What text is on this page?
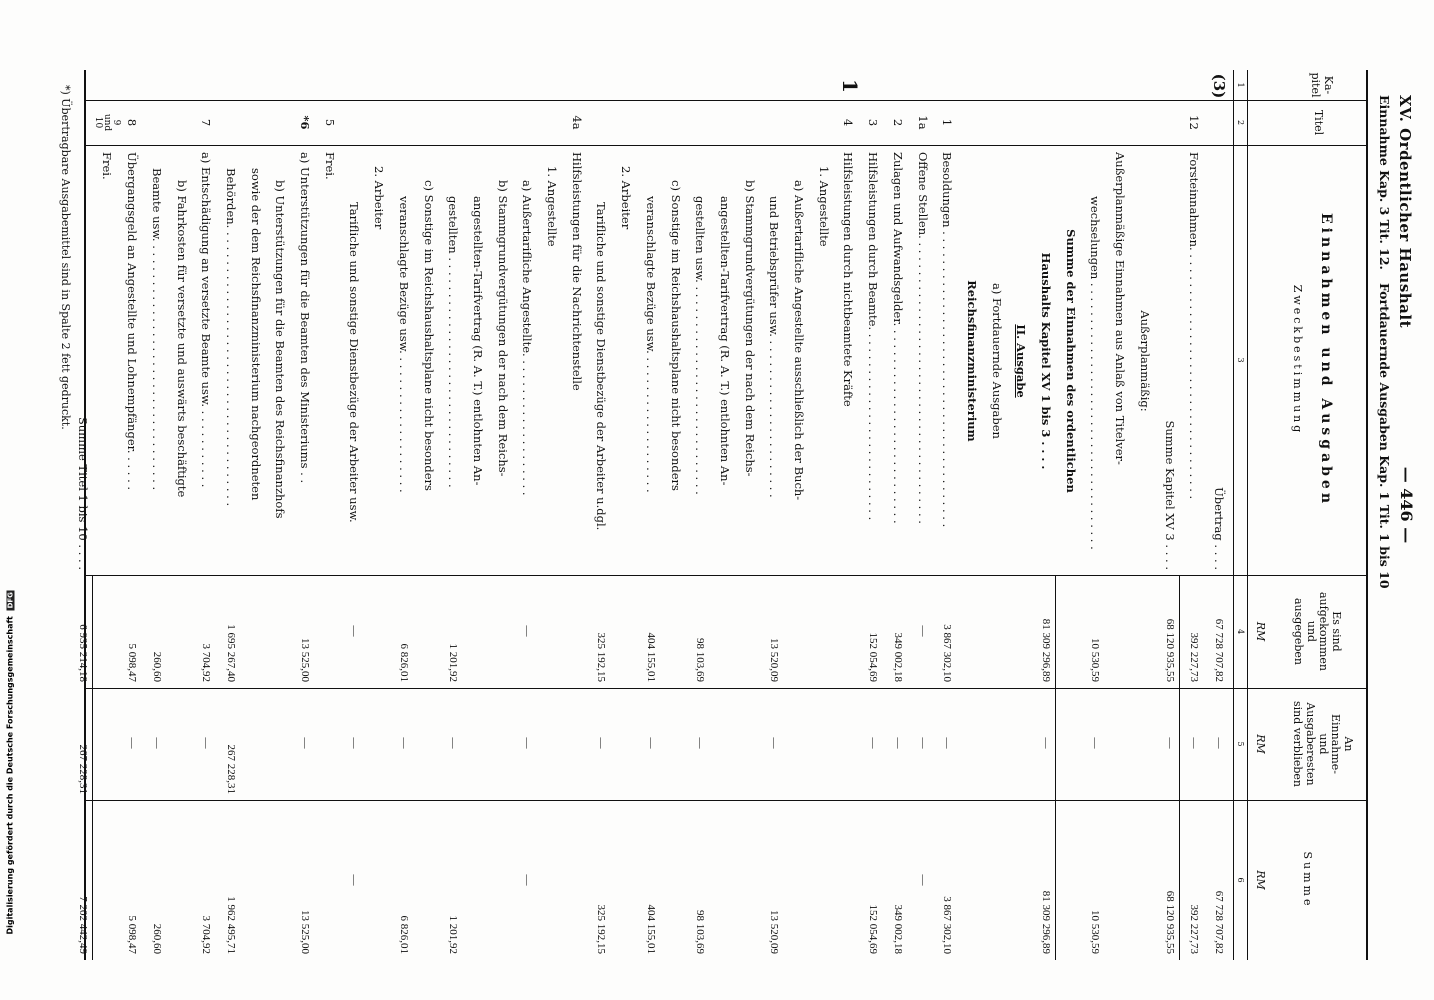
XV. Ordentlicher Haushalt
— 446 —
Einnahme Kap. 3 Tit. 12.   Fortdauernde Ausgaben Kap. 1 Tit. 1 bis 10
Ka-
pitel
Titel
Einnahmen und Ausgaben
Zweckbestimmung
Es sind
aufgekommen
und
ausgegeben
An
Einnahme-
und
Ausgaberesten
sind verblieben
Summe
RM
RM
RM
1
2
3
4
5
6
(3)
1
Übertrag . . . .
67 728 707,82
—
67 728 707,82
12
Forsteinnahmen. . . . . . . . . . . . . . . . . . . . . . . . . . . . . . . . . . .
392 227,73
—
392 227,73
Summe Kapitel XV 3 . . . .
68 120 935,55
—
68 120 935,55
Außerplanmäßig:
Außerplanmäßige Einnahmen aus Anlaß von Titelver-
wechselungen . . . . . . . . . . . . . . . . . . . . . . . . . . . . . . . . . . . . .
10 530,59
—
10 530,59
Summe der Einnahmen des ordentlichen
Haushalts Kapitel XV 1 bis 3 . . . .
81 309 296,89
—
81 309 296,89
II. Ausgabe
a) Fortdauernde Ausgaben
Reichsfinanzministerium
1
Besoldungen . . . . . . . . . . . . . . . . . . . . . . . . . . . . . . . . . . . . . . . . .
3 867 302,10
—
3 867 302,10
1a
Offene Stellen. . . . . . . . . . . . . . . . . . . . . . . . . . . . . . . . . . . . . . . .
—
—
—
2
Zulagen und Aufwandsgelder. . . . . . . . . . . . . . . . . . . . . . . . . . . .
349 002,18
—
349 002,18
3
Hilfsleistungen durch Beamte. . . . . . . . . . . . . . . . . . . . . . . . . . .
152 054,69
—
152 054,69
4
Hilfsleistungen durch nichtbeamtete Kräfte
1. Angestellte
a) Außertarifliche Angestellte ausschließlich der Buch-
und Betriebsprüfer usw. . . . . . . . . . . . . . . . . . . . . . .
13 520,09
—
13 520,09
b) Stammgrundvergütungen der nach dem Reichs-
angestellten-Tarifvertrag (R. A. T.) entlohnten An-
gestellten usw. . . . . . . . . . . . . . . . . . . . . . . . . . . . . .
98 103,69
—
98 103,69
c) Sonstige im Reichshaushaltsplane nicht besonders
veranschlagte Bezüge usw. . . . . . . . . . . . . . . . . . . .
404 155,01
—
404 155,01
2. Arbeiter
Tarifliche und sonstige Dienstbezüge der Arbeiter u.dgl.
325 192,15
—
325 192,15
4a
Hilfsleistungen für die Nachrichtenstelle
1. Angestellte
a) Außertarifliche Angestellte. . . . . . . . . . . . . . . . . . . .
—
—
—
b) Stammgrundvergütungen der nach dem Reichs-
angestellten-Tarifvertrag (R. A. T.) entlohnten An-
gestellten . . . . . . . . . . . . . . . . . . . . . . . . . . . . . . . .
1 201,92
—
1 201,92
c) Sonstige im Reichshaushaltsplane nicht besonders
veranschlagte Bezüge usw. . . . . . . . . . . . . . . . . . . .
6 826,01
—
6 826,01
2. Arbeiter
Tarifliche und sonstige Dienstbezüge der Arbeiter usw.
—
—
—
5
Frei.
*6
a) Unterstützungen für die Beamten des Ministeriums . .
13 525,00
—
13 525,00
b) Unterstützungen für die Beamten des Reichsfinanzhofs
sowie der dem Reichsfinanzministerium nachgeordneten
Behörden. . . . . . . . . . . . . . . . . . . . . . . . . . . . . . . . . . . . . . .
1 695 267,40
267 228,31
1 962 495,71
7
a) Entschädigung an versetzte Beamte usw. . . . . . . . . . . .
3 704,92
—
3 704,92
b) Fahrkosten für versetzte und auswärts beschäftigte
Beamte usw. . . . . . . . . . . . . . . . . . . . . . . . . . . . . . . . . . .
260,60
—
260,60
8
Übergangsgeld an Angestellte und Lohnempfänger. . . . . .
5 098,47
—
5 098,47
9
und
10
Frei.
Summe Titel 1 bis 10 . . . .
6 935 214,18
267 228,31
7 202 442,49
*) Übertragbare Ausgabemittel sind in Spalte 2 fett gedruckt.
Digitalisierung gefördert durch die Deutsche Forschungsgemeinschaft DFG
